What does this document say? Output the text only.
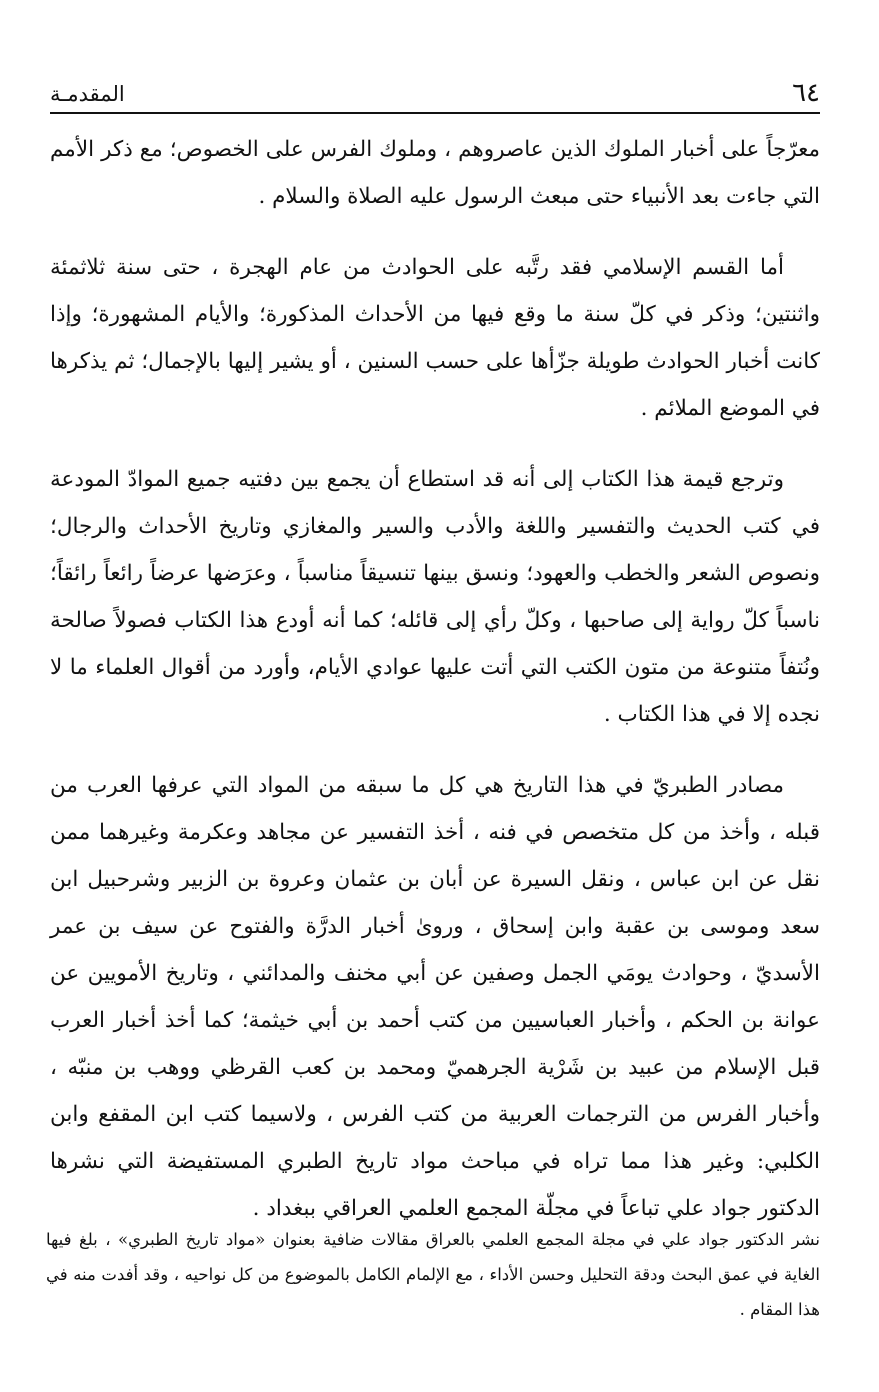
٦٤
المقدمـة

معرّجاً على أخبار الملوك الذين عاصروهم ، وملوك الفرس على الخصوص؛ مع ذكر الأمم التي جاءت بعد الأنبياء حتى مبعث الرسول عليه الصلاة والسلام .

أما القسم الإسلامي فقد رتَّبه على الحوادث من عام الهجرة ، حتى سنة ثلاثمئة واثنتين؛ وذكر في كلّ سنة ما وقع فيها من الأحداث المذكورة؛ والأيام المشهورة؛ وإذا كانت أخبار الحوادث طويلة جزّأها على حسب السنين ، أو يشير إليها بالإجمال؛ ثم يذكرها في الموضع الملائم .

وترجع قيمة هذا الكتاب إلى أنه قد استطاع أن يجمع بين دفتيه جميع الموادّ المودعة في كتب الحديث والتفسير واللغة والأدب والسير والمغازي وتاريخ الأحداث والرجال؛ ونصوص الشعر والخطب والعهود؛ ونسق بينها تنسيقاً مناسباً ، وعرَضها عرضاً رائعاً رائقاً؛ ناسباً كلّ رواية إلى صاحبها ، وكلّ رأي إلى قائله؛ كما أنه أودع هذا الكتاب فصولاً صالحة ونُتفاً متنوعة من متون الكتب التي أتت عليها عوادي الأيام، وأورد من أقوال العلماء ما لا نجده إلا في هذا الكتاب .

مصادر الطبريّ في هذا التاريخ هي كل ما سبقه من المواد التي عرفها العرب من قبله ، وأخذ من كل متخصص في فنه ، أخذ التفسير عن مجاهد وعكرمة وغيرهما ممن نقل عن ابن عباس ، ونقل السيرة عن أبان بن عثمان وعروة بن الزبير وشرحبيل ابن سعد وموسى بن عقبة وابن إسحاق ، وروىٰ أخبار الدرَّة والفتوح عن سيف بن عمر الأسديّ ، وحوادث يومَي الجمل وصفين عن أبي مخنف والمدائني ، وتاريخ الأمويين عن عوانة بن الحكم ، وأخبار العباسيين من كتب أحمد بن أبي خيثمة؛ كما أخذ أخبار العرب قبل الإسلام من عبيد بن شَرْية الجرهميّ ومحمد بن كعب القرظي ووهب بن منبّه ، وأخبار الفرس من الترجمات العربية من كتب الفرس ، ولاسيما كتب ابن المقفع وابن الكلبي: وغير هذا مما تراه في مباحث مواد تاريخ الطبري المستفيضة التي نشرها الدكتور جواد علي تباعاً في مجلّة المجمع العلمي العراقي ببغداد .

نشر الدكتور جواد علي في مجلة المجمع العلمي بالعراق مقالات ضافية بعنوان «مواد تاريخ الطبري» ، بلغ فيها الغاية في عمق البحث ودقة التحليل وحسن الأداء ، مع الإلمام الكامل بالموضوع من كل نواحيه ، وقد أفدت منه في هذا المقام .
